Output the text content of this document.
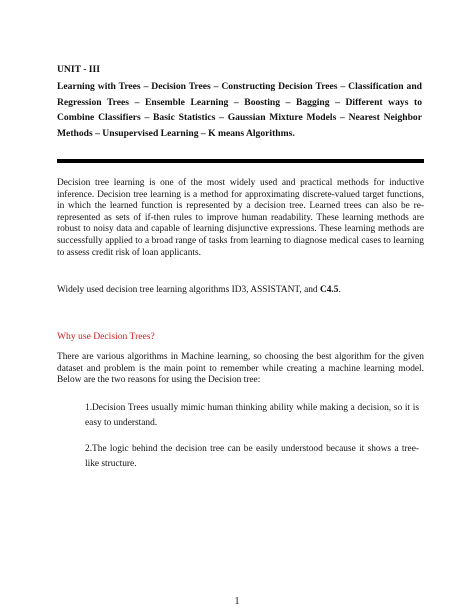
UNIT - III
Learning with Trees – Decision Trees – Constructing Decision Trees – Classification and Regression Trees – Ensemble Learning – Boosting – Bagging – Different ways to Combine Classifiers – Basic Statistics – Gaussian Mixture Models – Nearest Neighbor Methods – Unsupervised Learning – K means Algorithms.
Decision tree learning is one of the most widely used and practical methods for inductive inference. Decision tree learning is a method for approximating discrete-valued target functions, in which the learned function is represented by a decision tree. Learned trees can also be re-represented as sets of if-then rules to improve human readability. These learning methods are robust to noisy data and capable of learning disjunctive expressions. These learning methods are successfully applied to a broad range of tasks from learning to diagnose medical cases to learning to assess credit risk of loan applicants.
Widely used decision tree learning algorithms ID3, ASSISTANT, and C4.5.
Why use Decision Trees?
There are various algorithms in Machine learning, so choosing the best algorithm for the given dataset and problem is the main point to remember while creating a machine learning model. Below are the two reasons for using the Decision tree:
1.Decision Trees usually mimic human thinking ability while making a decision, so it is easy to understand.
2.The logic behind the decision tree can be easily understood because it shows a tree-like structure.
1
